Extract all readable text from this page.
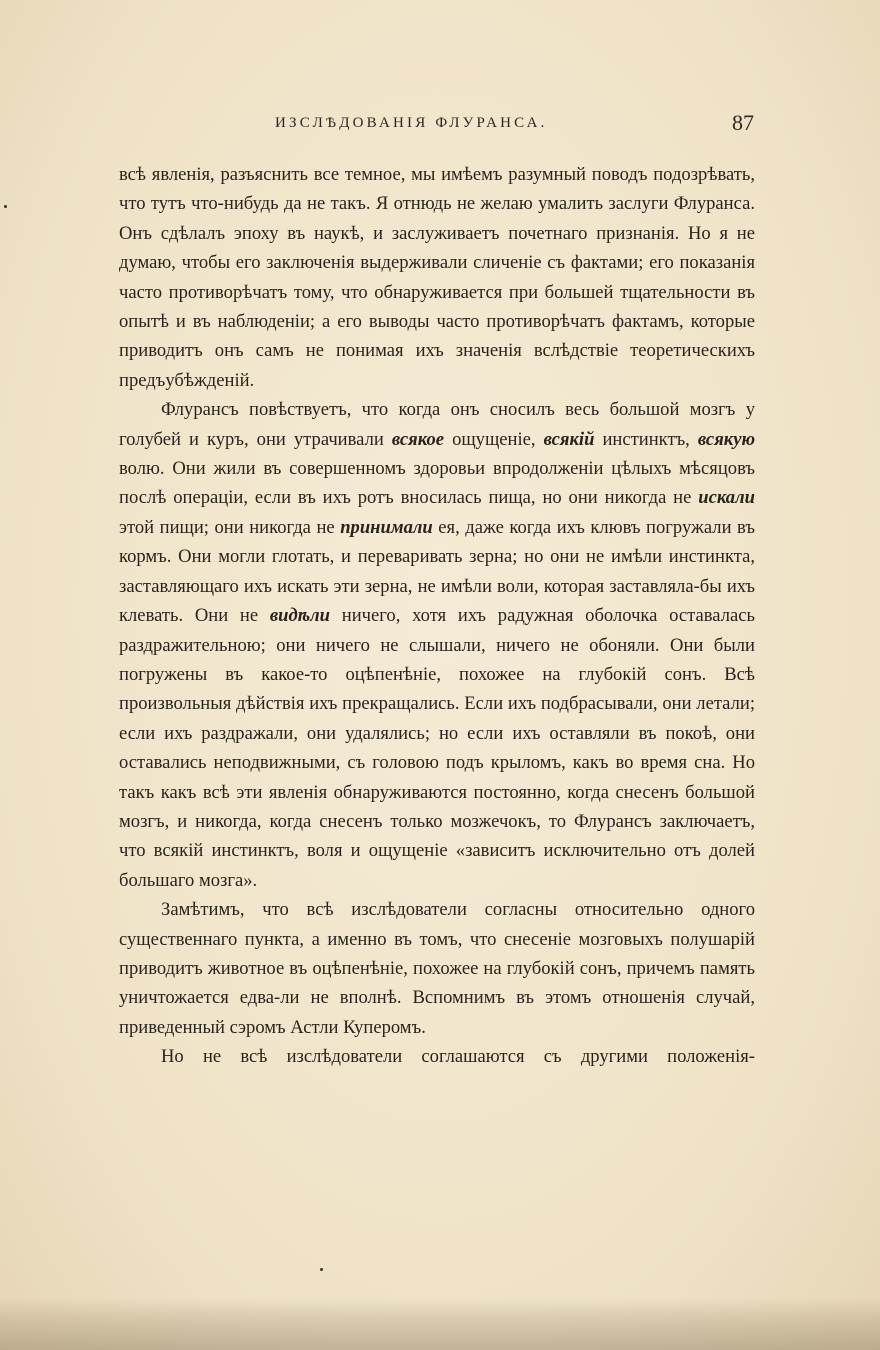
ИЗСЛѢДОВАНІЯ ФЛУРАНСА.	87

всѣ явленія, разъяснить все темное, мы имѣемъ разумный поводъ подозрѣвать, что тутъ что-нибудь да не такъ. Я отнюдь не желаю умалить заслуги Флуранса. Онъ сдѣлалъ эпоху въ наукѣ, и заслуживаетъ почетнаго признанія. Но я не думаю, чтобы его заключенія выдерживали сличеніе съ фактами; его показанія часто противорѣчатъ тому, что обнаруживается при большей тщательности въ опытѣ и въ наблюденіи; а его выводы часто противорѣчатъ фактамъ, которые приводитъ онъ самъ не понимая ихъ значенія вслѣдствіе теоретическихъ предъубѣжденій.

Флурансъ повѣствуетъ, что когда онъ сносилъ весь большой мозгъ у голубей и куръ, они утрачивали всякое ощущеніе, всякій инстинктъ, всякую волю. Они жили въ совершенномъ здоровьи впродолженіи цѣлыхъ мѣсяцовъ послѣ операціи, если въ ихъ ротъ вносилась пища, но они никогда не искали этой пищи; они никогда не принимали ея, даже когда ихъ клювъ погружали въ кормъ. Они могли глотать, и переваривать зерна; но они не имѣли инстинкта, заставляющаго ихъ искать эти зерна, не имѣли воли, которая заставляла-бы ихъ клевать. Они не видѣли ничего, хотя ихъ радужная оболочка оставалась раздражительною; они ничего не слышали, ничего не обоняли. Они были погружены въ какое-то оцѣпенѣніе, похожее на глубокій сонъ. Всѣ произвольныя дѣйствія ихъ прекращались. Если ихъ подбрасывали, они летали; если ихъ раздражали, они удалялись; но если ихъ оставляли въ покоѣ, они оставались неподвижными, съ головою подъ крыломъ, какъ во время сна. Но такъ какъ всѣ эти явленія обнаруживаются постоянно, когда снесенъ большой мозгъ, и никогда, когда снесенъ только мозжечокъ, то Флурансъ заключаетъ, что всякій инстинктъ, воля и ощущеніе «зависитъ исключительно отъ долей большаго мозга».

Замѣтимъ, что всѣ изслѣдователи согласны относительно одного существеннаго пункта, а именно въ томъ, что снесеніе мозговыхъ полушарій приводитъ животное въ оцѣпенѣніе, похожее на глубокій сонъ, причемъ память уничтожается едва-ли не вполнѣ. Вспомнимъ въ этомъ отношенія случай, приведенный сэромъ Астли Куперомъ.

Но не всѣ изслѣдователи соглашаются съ другими положенія-
